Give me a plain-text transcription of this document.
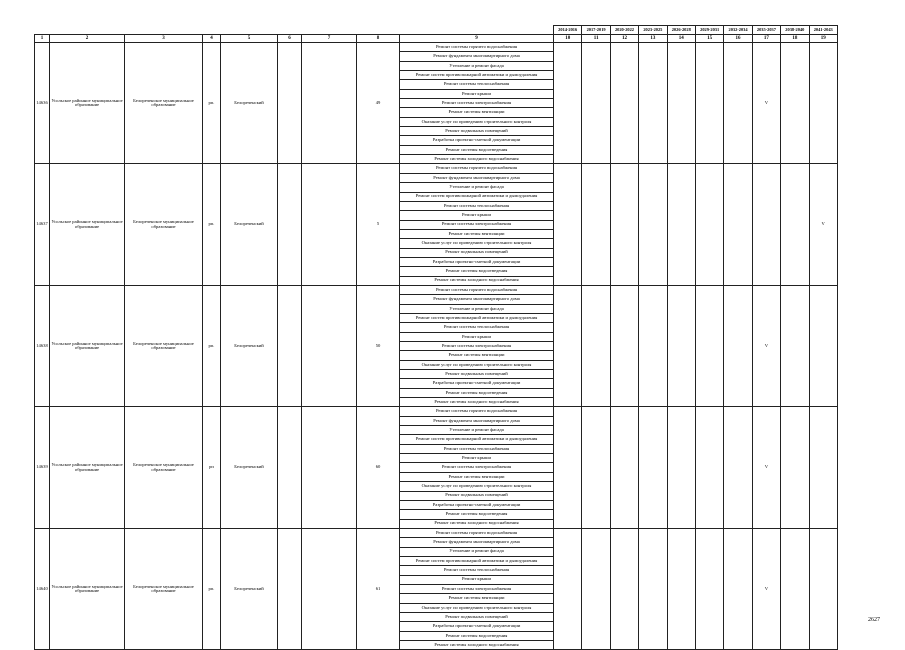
									2014-2016	2017-2019	2020-2022	2023-2025	2026-2028	2029-2031	2032-2034	2035-2037	2038-2040	2041-2043
1	2	3	4	5	6	7	8	9	10	11	12	13	14	15	16	17	18	19
14636	Усольское районное муниципальное образование	Белореченское муниципальное образование	рп.	Белореченский			49	Ремонт системы горячего водоснабжения								V		
								Ремонт фундамента многоквартирного дома										
								Утепление и ремонт фасада										
								Ремонт систем противопожарной автоматики и дымоудаления										
								Ремонт системы теплоснабжения										
								Ремонт крыши										
								Ремонт системы электроснабжения										
								Ремонт системы вентиляции										
								Оказание услуг по проведению строительного контроля										
								Ремонт подвальных помещений										
								Разработка проектно-сметной документации										
								Ремонт системы водоотведения										
								Ремонт системы холодного водоснабжения										
14637	Усольское районное муниципальное образование	Белореченское муниципальное образование	рп.	Белореченский			5	Ремонт системы горячего водоснабжения										V
								Ремонт фундамента многоквартирного дома										
								Утепление и ремонт фасада										
								Ремонт систем противопожарной автоматики и дымоудаления										
								Ремонт системы теплоснабжения										
								Ремонт крыши										
								Ремонт системы электроснабжения										
								Ремонт системы вентиляции										
								Оказание услуг по проведению строительного контроля										
								Ремонт подвальных помещений										
								Разработка проектно-сметной документации										
								Ремонт системы водоотведения										
								Ремонт системы холодного водоснабжения										
14638	Усольское районное муниципальное образование	Белореченское муниципальное образование	рп.	Белореченский			50	Ремонт системы горячего водоснабжения								V		
								Ремонт фундамента многоквартирного дома										
								Утепление и ремонт фасада										
								Ремонт систем противопожарной автоматики и дымоудаления										
								Ремонт системы теплоснабжения										
								Ремонт крыши										
								Ремонт системы электроснабжения										
								Ремонт системы вентиляции										
								Оказание услуг по проведению строительного контроля										
								Ремонт подвальных помещений										
								Разработка проектно-сметной документации										
								Ремонт системы водоотведения										
								Ремонт системы холодного водоснабжения										
14639	Усольское районное муниципальное образование	Белореченское муниципальное образование	рп	Белореченский			60	Ремонт системы горячего водоснабжения								V		
								Ремонт фундамента многоквартирного дома										
								Утепление и ремонт фасада										
								Ремонт систем противопожарной автоматики и дымоудаления										
								Ремонт системы теплоснабжения										
								Ремонт крыши										
								Ремонт системы электроснабжения										
								Ремонт системы вентиляции										
								Оказание услуг по проведению строительного контроля										
								Ремонт подвальных помещений										
								Разработка проектно-сметной документации										
								Ремонт системы водоотведения										
								Ремонт системы холодного водоснабжения										
14640	Усольское районное муниципальное образование	Белореченское муниципальное образование	рп.	Белореченский			61	Ремонт системы горячего водоснабжения								V		
								Ремонт фундамента многоквартирного дома										
								Утепление и ремонт фасада										
								Ремонт систем противопожарной автоматики и дымоудаления										
								Ремонт системы теплоснабжения										
								Ремонт крыши										
								Ремонт системы электроснабжения										
								Ремонт системы вентиляции										
								Оказание услуг по проведению строительного контроля										
								Ремонт подвальных помещений										
								Разработка проектно-сметной документации										
								Ремонт системы водоотведения										
								Ремонт системы холодного водоснабжения										
2627
